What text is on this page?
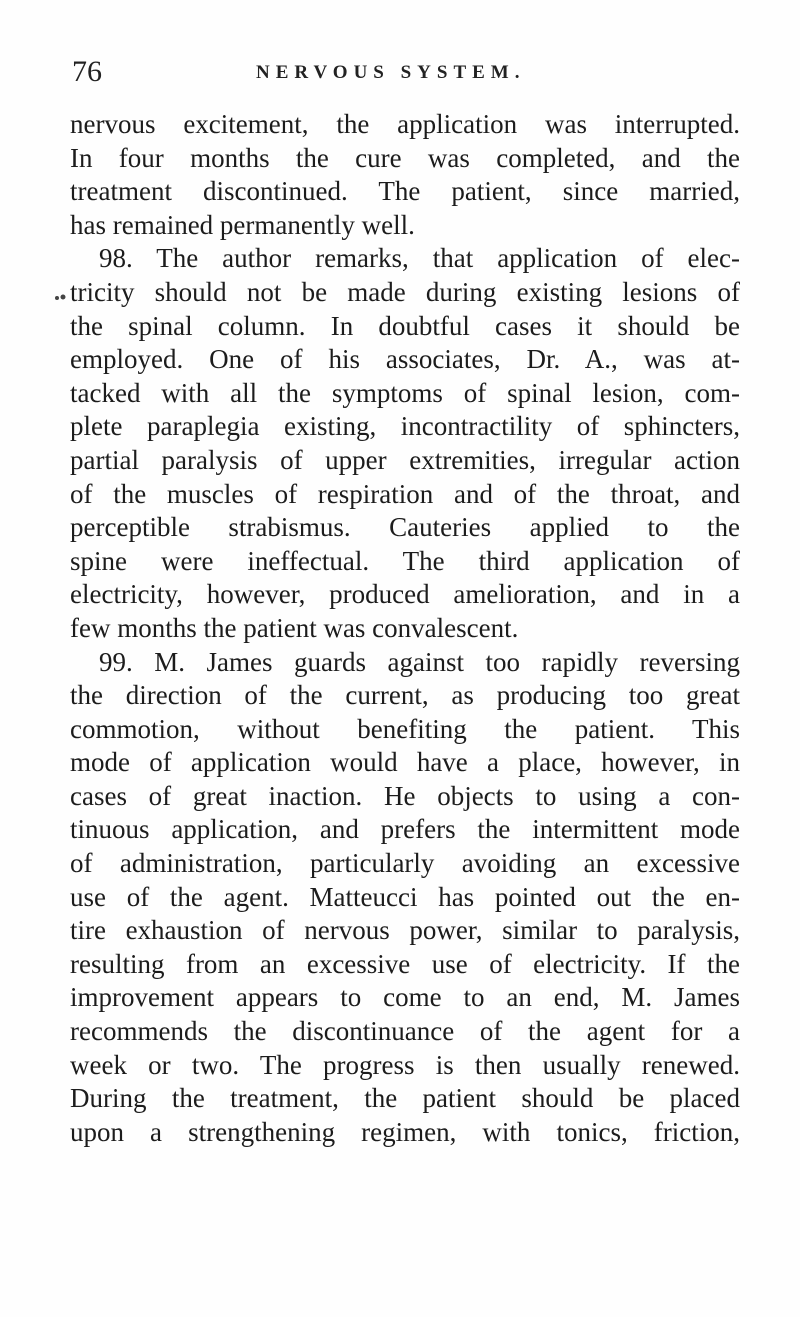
76	NERVOUS SYSTEM.
nervous excitement, the application was interrupted.
In four months the cure was completed, and the
treatment discontinued. The patient, since married,
has remained permanently well.
98. The author remarks, that application of elec-
tricity should not be made during existing lesions of
the spinal column. In doubtful cases it should be
employed. One of his associates, Dr. A., was at-
tacked with all the symptoms of spinal lesion, com-
plete paraplegia existing, incontractility of sphincters,
partial paralysis of upper extremities, irregular action
of the muscles of respiration and of the throat, and
perceptible strabismus. Cauteries applied to the
spine were ineffectual. The third application of
electricity, however, produced amelioration, and in a
few months the patient was convalescent.
99. M. James guards against too rapidly reversing
the direction of the current, as producing too great
commotion, without benefiting the patient. This
mode of application would have a place, however, in
cases of great inaction. He objects to using a con-
tinuous application, and prefers the intermittent mode
of administration, particularly avoiding an excessive
use of the agent. Matteucci has pointed out the en-
tire exhaustion of nervous power, similar to paralysis,
resulting from an excessive use of electricity. If the
improvement appears to come to an end, M. James
recommends the discontinuance of the agent for a
week or two. The progress is then usually renewed.
During the treatment, the patient should be placed
upon a strengthening regimen, with tonics, friction,
